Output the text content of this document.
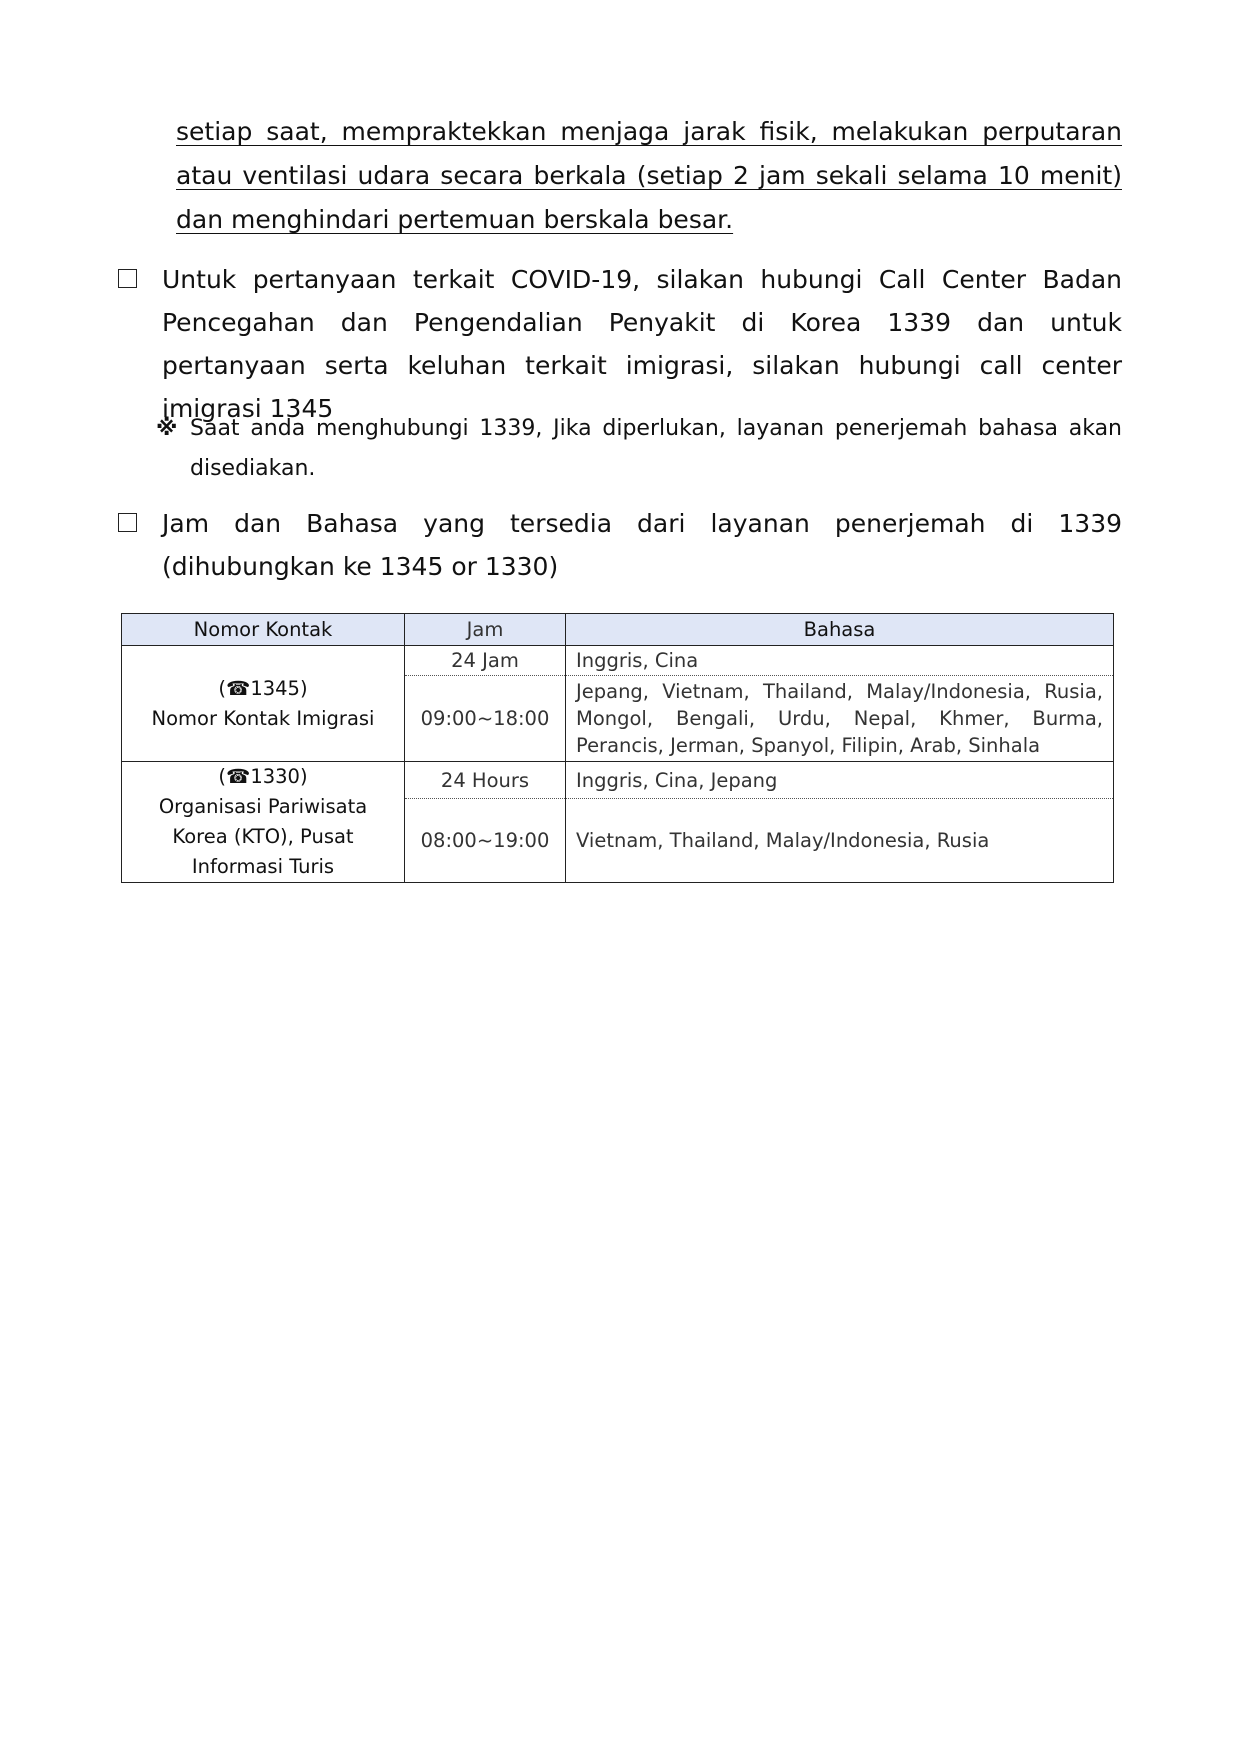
setiap saat, mempraktekkan menjaga jarak fisik, melakukan perputaran atau ventilasi udara secara berkala (setiap 2 jam sekali selama 10 menit) dan menghindari pertemuan berskala besar.

Untuk pertanyaan terkait COVID-19, silakan hubungi Call Center Badan Pencegahan dan Pengendalian Penyakit di Korea 1339 dan untuk pertanyaan serta keluhan terkait imigrasi, silakan hubungi call center imigrasi 1345
※ Saat anda menghubungi 1339, Jika diperlukan, layanan penerjemah bahasa akan disediakan.
Jam dan Bahasa yang tersedia dari layanan penerjemah di 1339 (dihubungkan ke 1345 or 1330)
Nomor Kontak	Jam	Bahasa

(☎1345)
Nomor Kontak Imigrasi	24 Jam	Inggris, Cina
	09:00~18:00	Jepang, Vietnam, Thailand, Malay/Indonesia, Rusia, Mongol, Bengali, Urdu, Nepal, Khmer, Burma, Perancis, Jerman, Spanyol, Filipin, Arab, Sinhala

(☎1330)
Organisasi Pariwisata Korea (KTO), Pusat Informasi Turis	24 Hours	Inggris, Cina, Jepang
	08:00~19:00	Vietnam, Thailand, Malay/Indonesia, Rusia
